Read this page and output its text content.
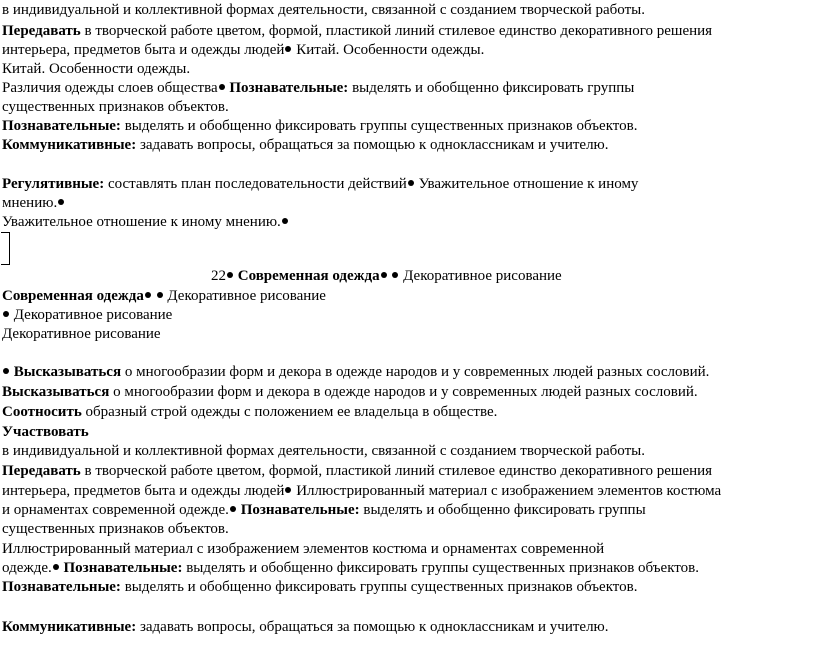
в индивидуальной и коллективной формах деятельности, связанной с созданием творческой работы.
Передавать в творческой работе цветом, формой, пластикой линий стилевое единство декоративного решения
интерьера, предметов быта и одежды людей Китай. Особенности одежды.
Китай. Особенности одежды.
Различия одежды слоев общества Познавательные: выделять и обобщенно фиксировать группы
существенных признаков объектов.
Познавательные: выделять и обобщенно фиксировать группы существенных признаков объектов.
Коммуникативные: задавать вопросы, обращаться за помощью к одноклассникам и учителю.
Регулятивные: составлять план последовательности действий Уважительное отношение к иному
мнению.
Уважительное отношение к иному мнению.
22 Современная одежда  Декоративное рисование
Современная одежда  Декоративное рисование
Декоративное рисование
Декоративное рисование
Высказываться о многообразии форм и декора в одежде народов и у современных людей разных сословий.
Высказываться о многообразии форм и декора в одежде народов и у современных людей разных сословий.
Соотносить образный строй одежды с положением ее владельца в обществе.
Участвовать
в индивидуальной и коллективной формах деятельности, связанной с созданием творческой работы.
Передавать в творческой работе цветом, формой, пластикой линий стилевое единство декоративного решения
интерьера, предметов быта и одежды людей Иллюстрированный материал с изображением элементов костюма
и орнаментах современной одежде. Познавательные: выделять и обобщенно фиксировать группы
существенных признаков объектов.
Иллюстрированный материал с изображением элементов костюма и орнаментах современной
одежде. Познавательные: выделять и обобщенно фиксировать группы существенных признаков объектов.
Познавательные: выделять и обобщенно фиксировать группы существенных признаков объектов.
Коммуникативные: задавать вопросы, обращаться за помощью к одноклассникам и учителю.
